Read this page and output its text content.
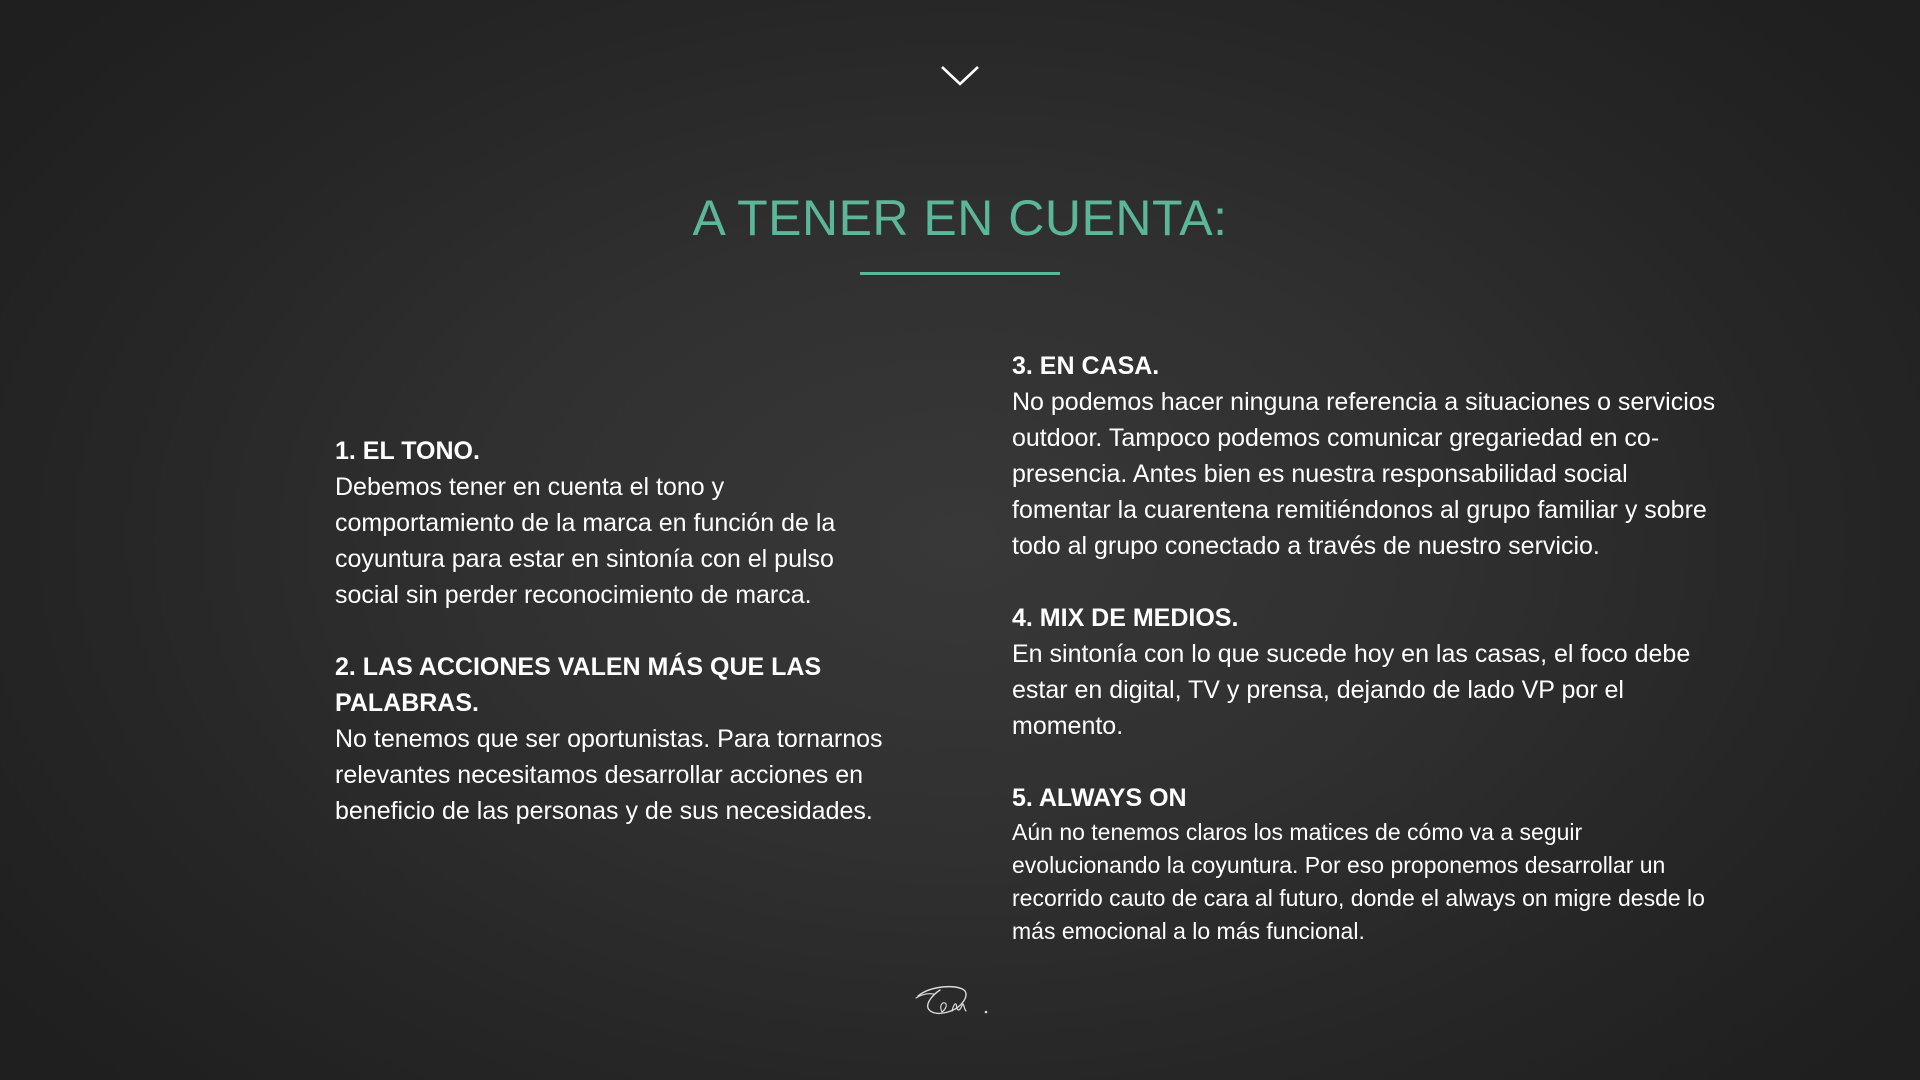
A TENER EN CUENTA:
1. EL TONO.

Debemos tener en cuenta el tono y comportamiento de la marca en función de la coyuntura para estar en sintonía con el pulso social sin perder reconocimiento de marca.

2. LAS ACCIONES VALEN MÁS QUE LAS PALABRAS.

No tenemos que ser oportunistas. Para tornarnos relevantes necesitamos desarrollar acciones en beneficio de las personas y de sus necesidades.

3. EN CASA.

No podemos hacer ninguna referencia a situaciones o servicios outdoor. Tampoco podemos comunicar gregariedad en co-presencia. Antes bien es nuestra responsabilidad social fomentar la cuarentena remitiéndonos al grupo familiar y sobre todo al grupo conectado a través de nuestro servicio.

4. MIX DE MEDIOS.

En sintonía con lo que sucede hoy en las casas, el foco debe estar en digital, TV y prensa, dejando de lado VP por el momento.

5. ALWAYS ON

Aún no tenemos claros los matices de cómo va a seguir evolucionando la coyuntura. Por eso proponemos desarrollar un recorrido cauto de cara al futuro, donde el always on migre desde lo más emocional a lo más funcional.
